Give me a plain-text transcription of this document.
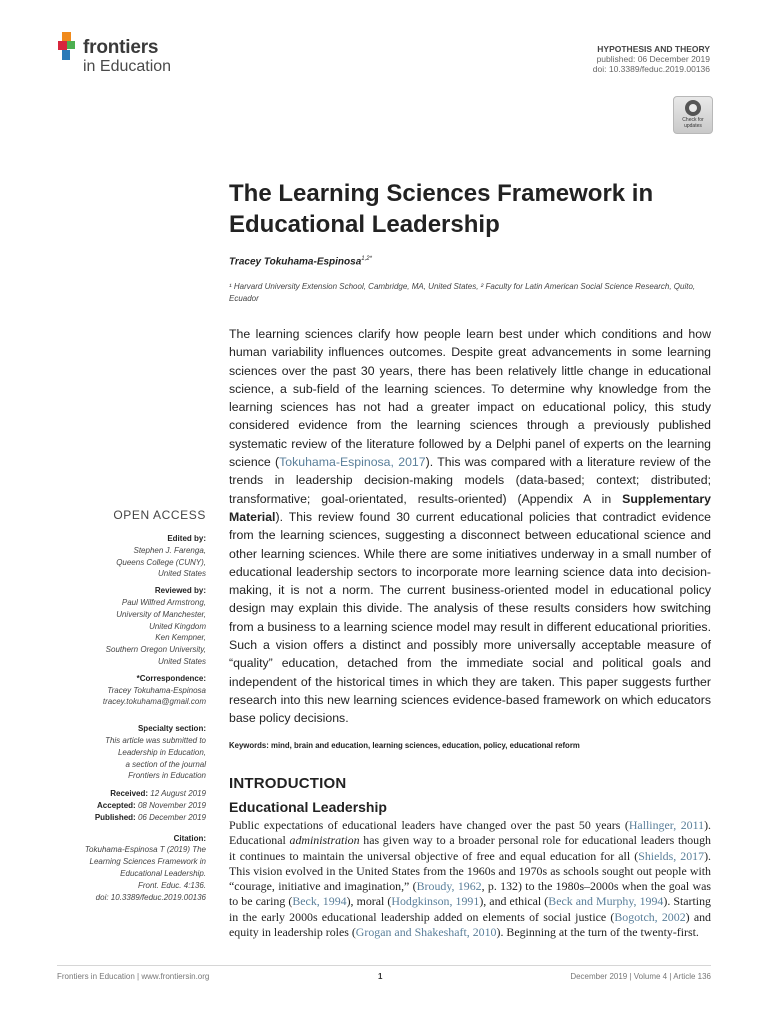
frontiers
in Education
HYPOTHESIS AND THEORY
published: 06 December 2019
doi: 10.3389/feduc.2019.00136
Check for updates
The Learning Sciences Framework in Educational Leadership
Tracey Tokuhama-Espinosa$^{1,2*}$
¹ Harvard University Extension School, Cambridge, MA, United States, ² Faculty for Latin American Social Science Research, Quito, Ecuador

The learning sciences clarify how people learn best under which conditions and how human variability influences outcomes. Despite great advancements in some learning sciences over the past 30 years, there has been relatively little change in educational science, a sub-field of the learning sciences. To determine why knowledge from the learning sciences has not had a greater impact on educational policy, this study considered evidence from the learning sciences through a previously published systematic review of the literature followed by a Delphi panel of experts on the learning science (Tokuhama-Espinosa, 2017). This was compared with a literature review of the trends in leadership decision-making models (data-based; context; distributed; transformative; goal-orientated, results-oriented) (Appendix A in Supplementary Material). This review found 30 current educational policies that contradict evidence from the learning sciences, suggesting a disconnect between educational science and other learning sciences. While there are some initiatives underway in a small number of educational leadership sectors to incorporate more learning science data into decision-making, it is not a norm. The current business-oriented model in educational policy design may explain this divide. The analysis of these results considers how switching from a business to a learning science model may result in different educational priorities. Such a vision offers a distinct and possibly more universally acceptable measure of “quality” education, detached from the immediate social and political goals and independent of the historical times in which they are taken. This paper suggests further research into this new learning sciences evidence-based framework on which educators base policy decisions.

Keywords: mind, brain and education, learning sciences, education, policy, educational reform
INTRODUCTION
Educational Leadership

Public expectations of educational leaders have changed over the past 50 years (Hallinger, 2011). Educational administration has given way to a broader personal role for educational leaders though it continues to maintain the universal objective of free and equal education for all (Shields, 2017). This vision evolved in the United States from the 1960s and 1970s as schools sought out people with “courage, initiative and imagination,” (Broudy, 1962, p. 132) to the 1980s–2000s when the goal was to be caring (Beck, 1994), moral (Hodgkinson, 1991), and ethical (Beck and Murphy, 1994). Starting in the early 2000s educational leadership added on elements of social justice (Bogotch, 2002) and equity in leadership roles (Grogan and Shakeshaft, 2010). Beginning at the turn of the twenty-first.

OPEN ACCESS
Edited by:
Stephen J. Farenga,
Queens College (CUNY),
United States
Reviewed by:
Paul Wilfred Armstrong,
University of Manchester,
United Kingdom
Ken Kempner,
Southern Oregon University,
United States
*Correspondence:
Tracey Tokuhama-Espinosa
tracey.tokuhama@gmail.com
Specialty section:
This article was submitted to
Leadership in Education,
a section of the journal
Frontiers in Education
Received: 12 August 2019
Accepted: 08 November 2019
Published: 06 December 2019
Citation:
Tokuhama-Espinosa T (2019) The
Learning Sciences Framework in
Educational Leadership.
Front. Educ. 4:136.
doi: 10.3389/feduc.2019.00136
Frontiers in Education | www.frontiersin.org	1	December 2019 | Volume 4 | Article 136
